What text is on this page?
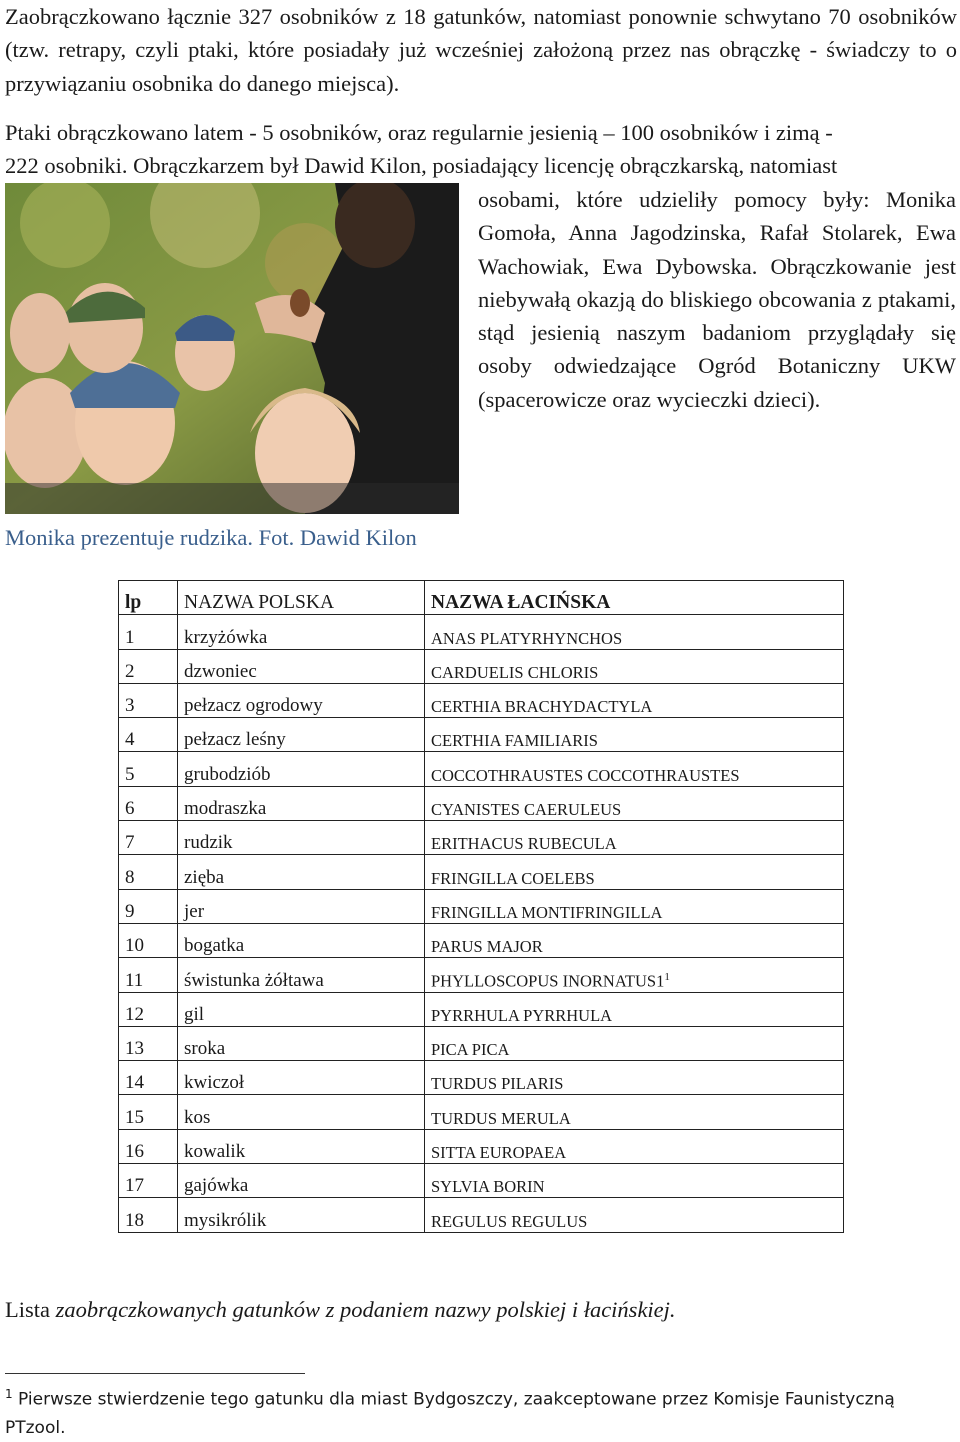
Zaobrączkowano łącznie 327 osobników z 18 gatunków, natomiast ponownie schwytano 70 osobników (tzw. retrapy, czyli ptaki, które posiadały już wcześniej założoną przez nas obrączkę - świadczy to o przywiązaniu osobnika do danego miejsca).

Ptaki obrączkowano latem - 5 osobników, oraz regularnie jesienią – 100 osobników i zimą -
222 osobniki. Obrączkarzem był Dawid Kilon, posiadający licencję obrączkarską, natomiast

osobami, które udzieliły pomocy były: Monika Gomoła, Anna Jagodzinska, Rafał Stolarek, Ewa Wachowiak, Ewa Dybowska. Obrączkowanie jest niebywałą okazją do bliskiego obcowania z ptakami, stąd jesienią naszym badaniom przyglądały się osoby odwiedzające Ogród Botaniczny UKW (spacerowicze oraz wycieczki dzieci).

Monika prezentuje rudzika. Fot. Dawid Kilon
lp	NAZWA POLSKA	NAZWA ŁACIŃSKA
1	krzyżówka	ANAS PLATYRHYNCHOS
2	dzwoniec	CARDUELIS CHLORIS
3	pełzacz ogrodowy	CERTHIA BRACHYDACTYLA
4	pełzacz leśny	CERTHIA FAMILIARIS
5	grubodziób	COCCOTHRAUSTES COCCOTHRAUSTES
6	modraszka	CYANISTES CAERULEUS
7	rudzik	ERITHACUS RUBECULA
8	zięba	FRINGILLA COELEBS
9	jer	FRINGILLA MONTIFRINGILLA
10	bogatka	PARUS MAJOR
11	świstunka żółtawa	PHYLLOSCOPUS $INORNATUS1^1$
12	gil	PYRRHULA PYRRHULA
13	sroka	PICA PICA
14	kwiczoł	TURDUS PILARIS
15	kos	TURDUS MERULA
16	kowalik	SITTA EUROPAEA
17	gajówka	SYLVIA BORIN
18	mysikrólik	REGULUS REGULUS
Lista zaobrączkowanych gatunków z podaniem nazwy polskiej i łacińskiej.
$^1$ Pierwsze stwierdzenie tego gatunku dla miast Bydgoszczy, zaakceptowane przez Komisje Faunistyczną PTzool.
